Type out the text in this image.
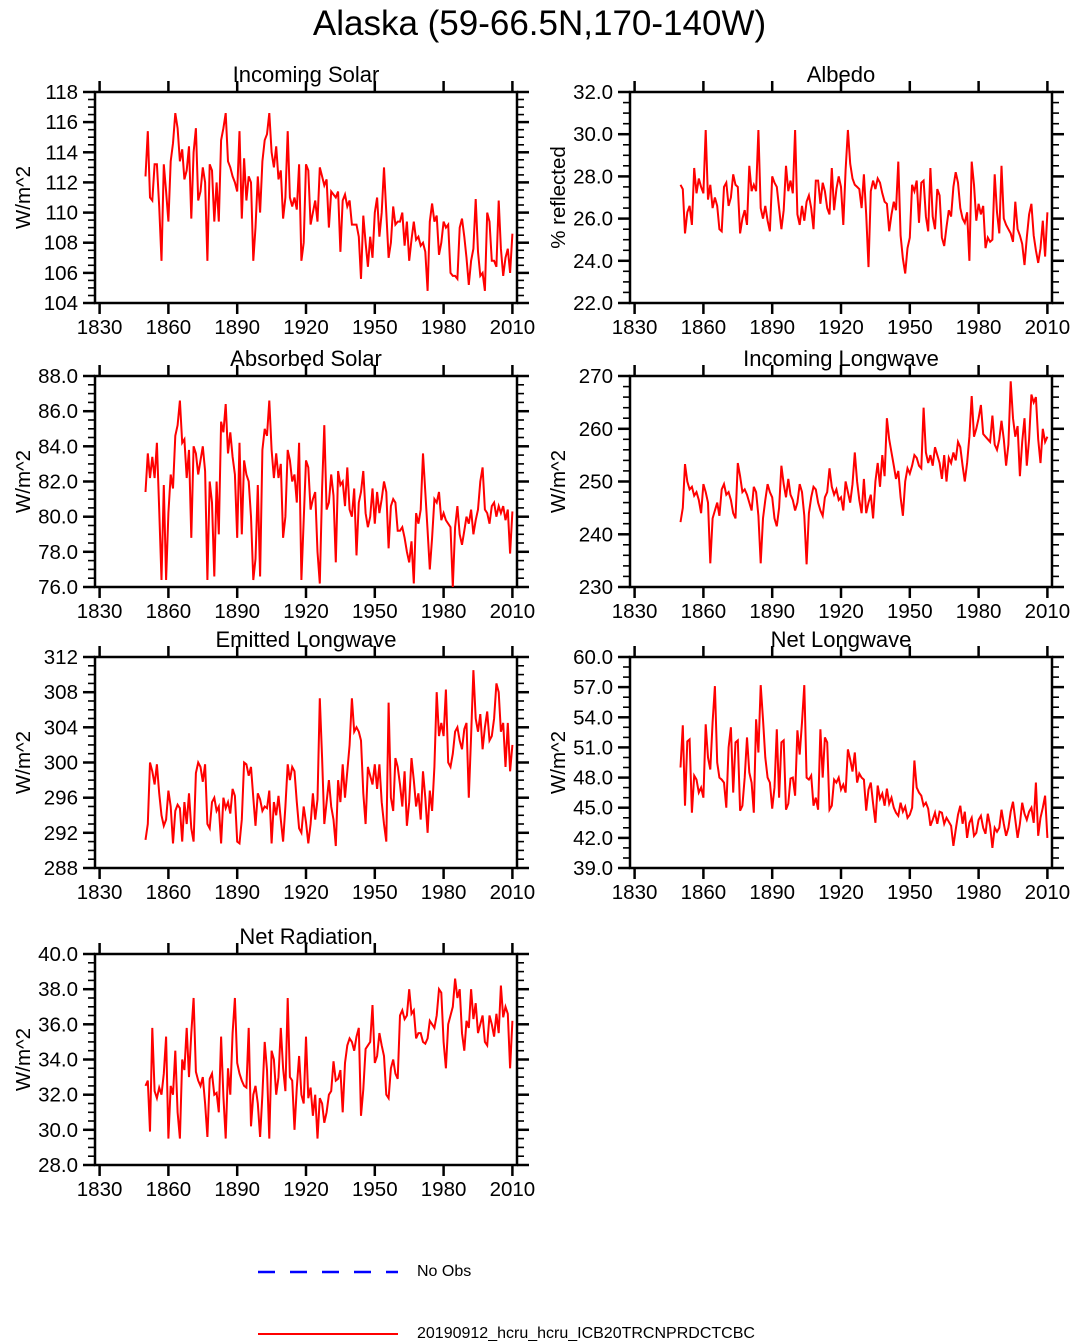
Alaska (59-66.5N,170-140W)
1830 1860 1890 1920 1950 1980 2010
104
106
108
110
112
114
116
118
Incoming Solar
W/m^2
1830 1860 1890 1920 1950 1980 2010
22.0
24.0
26.0
28.0
30.0
32.0
Albedo
% reflected
1830 1860 1890 1920 1950 1980 2010
76.0
78.0
80.0
82.0
84.0
86.0
88.0
Absorbed Solar
W/m^2
1830 1860 1890 1920 1950 1980 2010
230
240
250
260
270
Incoming Longwave
W/m^2
1830 1860 1890 1920 1950 1980 2010
288
292
296
300
304
308
312
Emitted Longwave
W/m^2
1830 1860 1890 1920 1950 1980 2010
39.0
42.0
45.0
48.0
51.0
54.0
57.0
60.0
Net Longwave
W/m^2
1830 1860 1890 1920 1950 1980 2010
28.0
30.0
32.0
34.0
36.0
38.0
40.0
Net Radiation
W/m^2
No Obs
20190912_hcru_hcru_ICB20TRCNPRDCTCBC
